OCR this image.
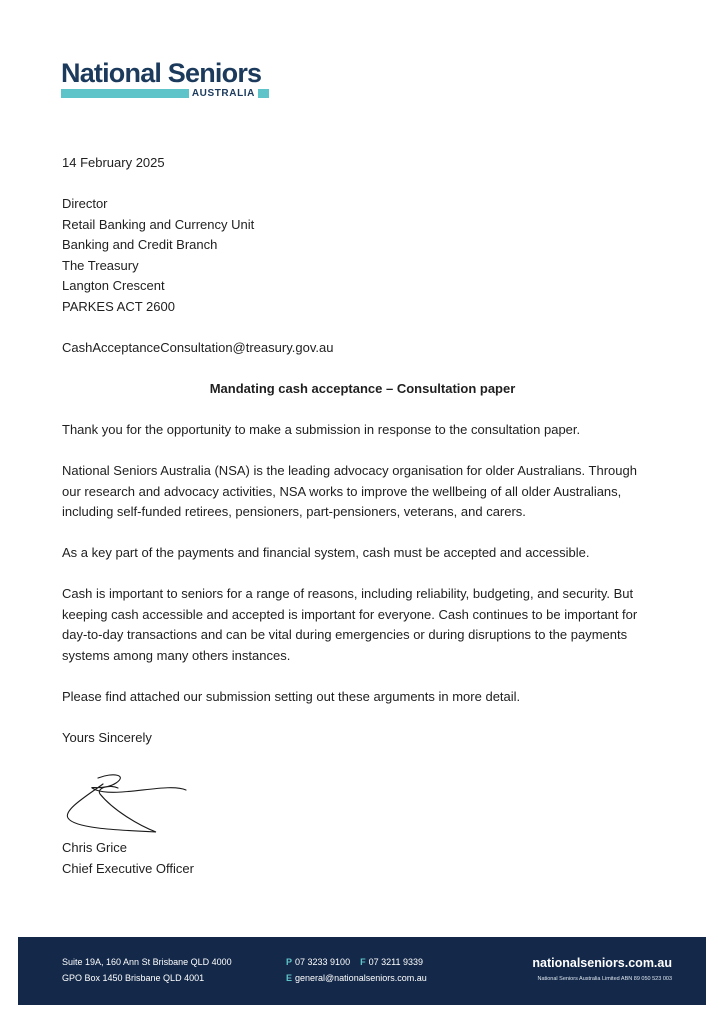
National Seniors
AUSTRALIA
14 February 2025
Director
Retail Banking and Currency Unit
Banking and Credit Branch
The Treasury
Langton Crescent
PARKES ACT 2600
CashAcceptanceConsultation@treasury.gov.au
Mandating cash acceptance – Consultation paper
Thank you for the opportunity to make a submission in response to the consultation paper.
National Seniors Australia (NSA) is the leading advocacy organisation for older Australians. Through
our research and advocacy activities, NSA works to improve the wellbeing of all older Australians,
including self-funded retirees, pensioners, part-pensioners, veterans, and carers.
As a key part of the payments and financial system, cash must be accepted and accessible.
Cash is important to seniors for a range of reasons, including reliability, budgeting, and security. But
keeping cash accessible and accepted is important for everyone. Cash continues to be important for
day-to-day transactions and can be vital during emergencies or during disruptions to the payments
systems among many others instances.
Please find attached our submission setting out these arguments in more detail.
Yours Sincerely
Chris Grice
Chief Executive Officer
Suite 19A, 160 Ann St Brisbane QLD 4000
GPO Box 1450 Brisbane QLD 4001
P 07 3233 9100 F 07 3211 9339
E general@nationalseniors.com.au
nationalseniors.com.au
National Seniors Australia Limited ABN 89 050 523 003
